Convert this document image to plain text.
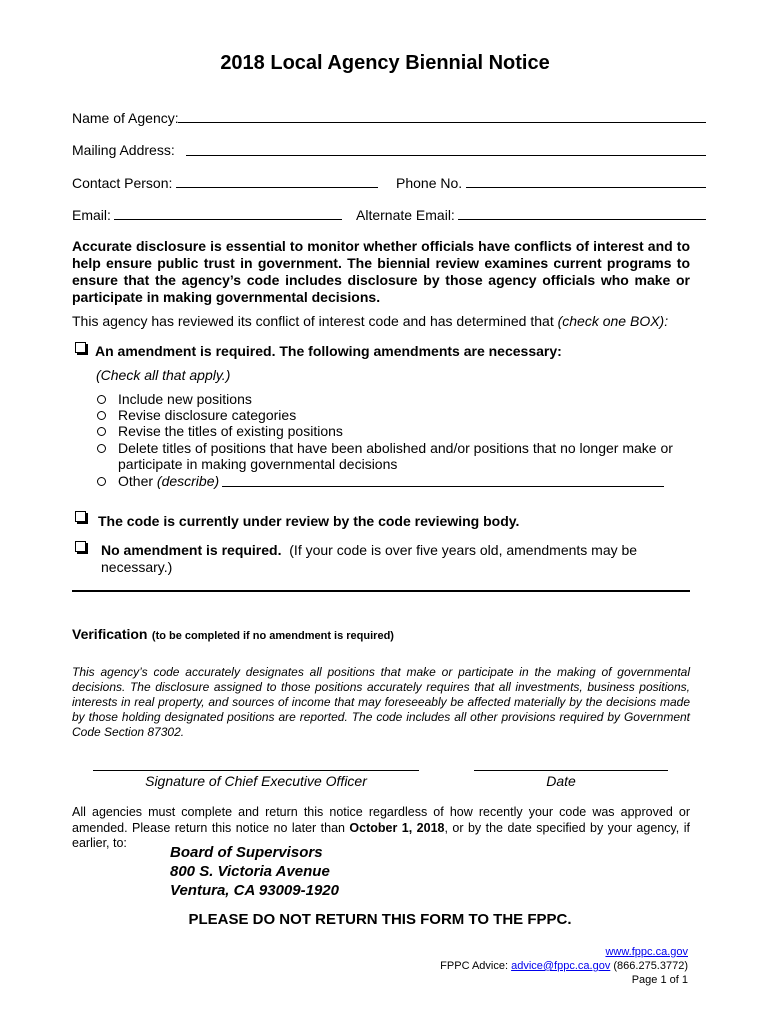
2018 Local Agency Biennial Notice
Name of Agency:
Mailing Address:
Contact Person:	Phone No.
Email:	Alternate Email:
Accurate disclosure is essential to monitor whether officials have conflicts of interest and to help ensure public trust in government. The biennial review examines current programs to ensure that the agency’s code includes disclosure by those agency officials who make or participate in making governmental decisions.
This agency has reviewed its conflict of interest code and has determined that (check one BOX):
An amendment is required. The following amendments are necessary:
(Check all that apply.)
Include new positions
Revise disclosure categories
Revise the titles of existing positions
Delete titles of positions that have been abolished and/or positions that no longer make or
participate in making governmental decisions
Other (describe)
The code is currently under review by the code reviewing body.
No amendment is required. (If your code is over five years old, amendments may be
necessary.)
Verification (to be completed if no amendment is required)
This agency’s code accurately designates all positions that make or participate in the making of governmental decisions. The disclosure assigned to those positions accurately requires that all investments, business positions, interests in real property, and sources of income that may foreseeably be affected materially by the decisions made by those holding designated positions are reported. The code includes all other provisions required by Government Code Section 87302.
Signature of Chief Executive Officer	Date
All agencies must complete and return this notice regardless of how recently your code was approved or amended. Please return this notice no later than October 1, 2018, or by the date specified by your agency, if earlier, to:
Board of Supervisors
800 S. Victoria Avenue
Ventura, CA 93009-1920
PLEASE DO NOT RETURN THIS FORM TO THE FPPC.
www.fppc.ca.gov
FPPC Advice: advice@fppc.ca.gov (866.275.3772)
Page 1 of 1
